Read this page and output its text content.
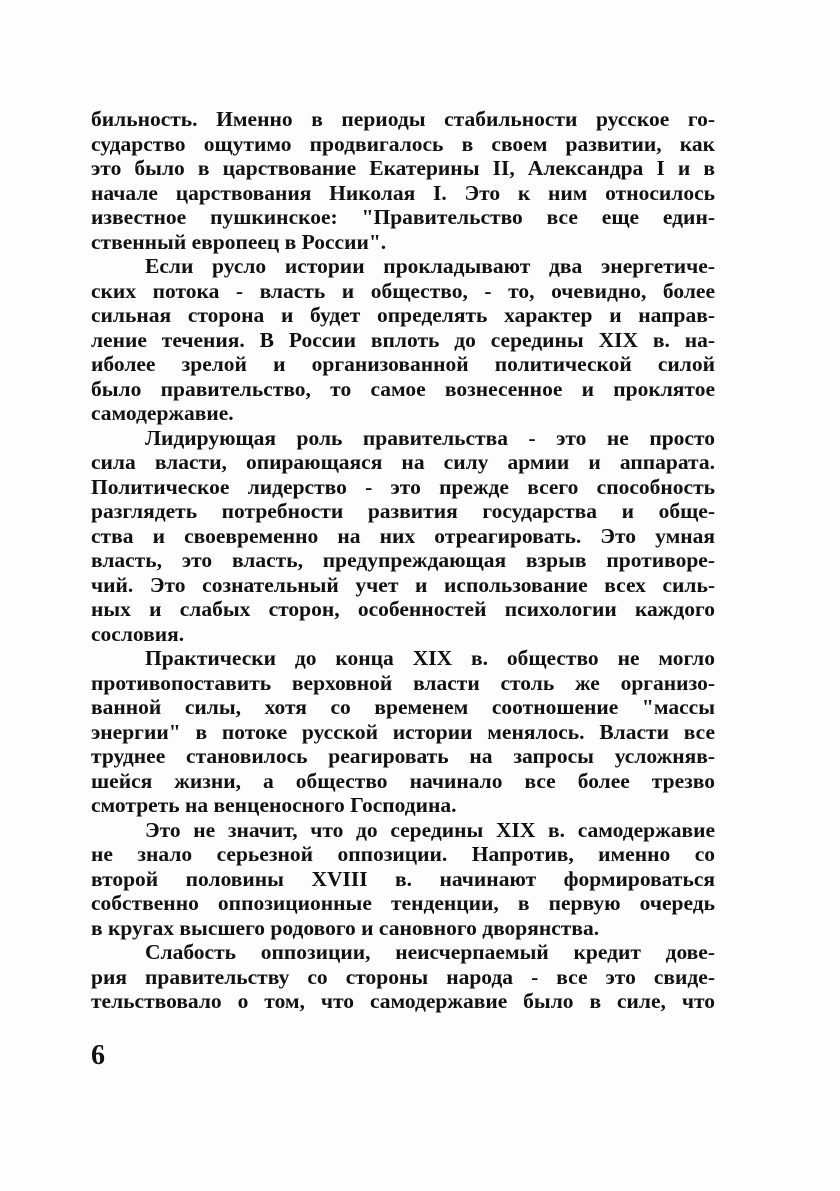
бильность. Именно в периоды стабильности русское го-
сударство ощутимо продвигалось в своем развитии, как
это было в царствование Екатерины II, Александра I и в
начале царствования Николая I. Это к ним относилось
известное пушкинское: "Правительство все еще един-
ственный европеец в России".

Если русло истории прокладывают два энергетиче-
ских потока - власть и общество, - то, очевидно, более
сильная сторона и будет определять характер и направ-
ление течения. В России вплоть до середины XIX в. на-
иболее зрелой и организованной политической силой
было правительство, то самое вознесенное и проклятое
самодержавие.

Лидирующая роль правительства - это не просто
сила власти, опирающаяся на силу армии и аппарата.
Политическое лидерство - это прежде всего способность
разглядеть потребности развития государства и обще-
ства и своевременно на них отреагировать. Это умная
власть, это власть, предупреждающая взрыв противоре-
чий. Это сознательный учет и использование всех силь-
ных и слабых сторон, особенностей психологии каждого
сословия.

Практически до конца XIX в. общество не могло
противопоставить верховной власти столь же организо-
ванной силы, хотя со временем соотношение "массы
энергии" в потоке русской истории менялось. Власти все
труднее становилось реагировать на запросы усложняв-
шейся жизни, а общество начинало все более трезво
смотреть на венценосного Господина.

Это не значит, что до середины XIX в. самодержавие
не знало серьезной оппозиции. Напротив, именно со
второй половины XVIII в. начинают формироваться
собственно оппозиционные тенденции, в первую очередь
в кругах высшего родового и сановного дворянства.

Слабость оппозиции, неисчерпаемый кредит дове-
рия правительству со стороны народа - все это свиде-
тельствовало о том, что самодержавие было в силе, что

6
